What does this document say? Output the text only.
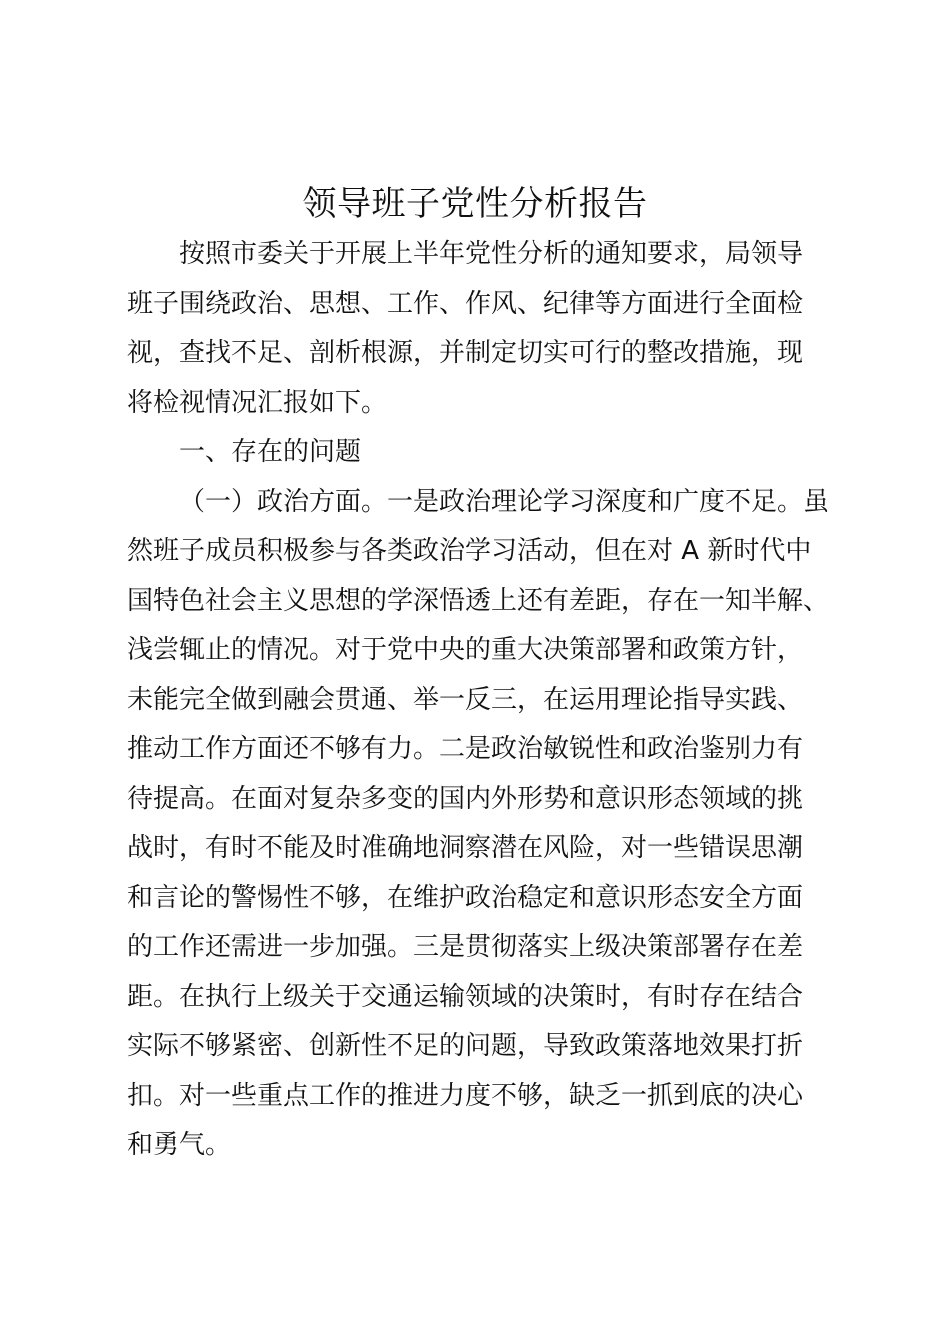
领导班子党性分析报告
按照市委关于开展上半年党性分析的通知要求，局领导
班子围绕政治、思想、工作、作风、纪律等方面进行全面检
视，查找不足、剖析根源，并制定切实可行的整改措施，现
将检视情况汇报如下。
一、存在的问题
（一）政治方面。一是政治理论学习深度和广度不足。虽
然班子成员积极参与各类政治学习活动，但在对 A 新时代中
国特色社会主义思想的学深悟透上还有差距，存在一知半解、
浅尝辄止的情况。对于党中央的重大决策部署和政策方针，
未能完全做到融会贯通、举一反三，在运用理论指导实践、
推动工作方面还不够有力。二是政治敏锐性和政治鉴别力有
待提高。在面对复杂多变的国内外形势和意识形态领域的挑
战时，有时不能及时准确地洞察潜在风险，对一些错误思潮
和言论的警惕性不够，在维护政治稳定和意识形态安全方面
的工作还需进一步加强。三是贯彻落实上级决策部署存在差
距。在执行上级关于交通运输领域的决策时，有时存在结合
实际不够紧密、创新性不足的问题，导致政策落地效果打折
扣。对一些重点工作的推进力度不够，缺乏一抓到底的决心
和勇气。
